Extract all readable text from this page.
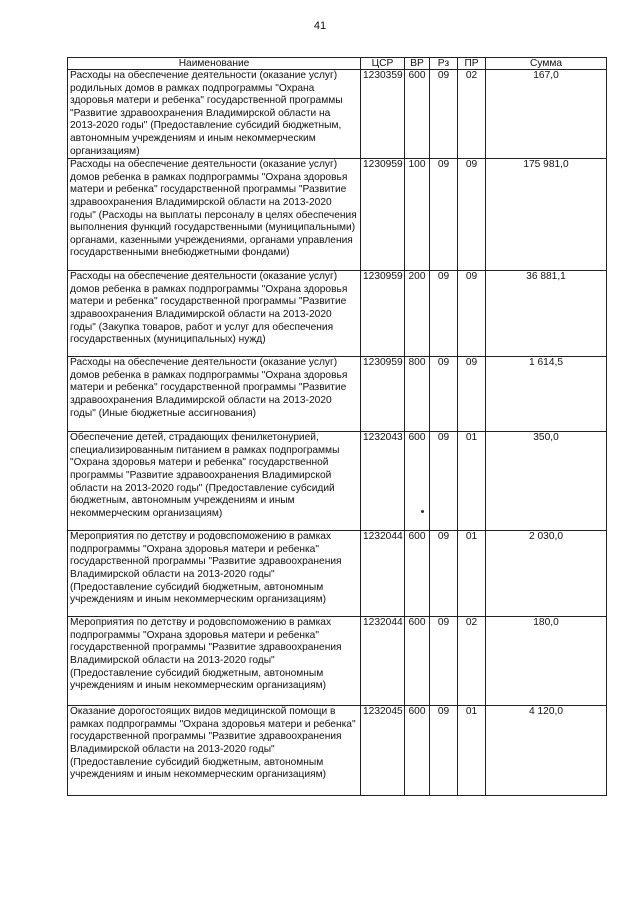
41
Наименование	ЦСР	ВР	Рз	ПР	Сумма
Расходы на обеспечение деятельности (оказание услуг) родильных домов в рамках подпрограммы "Охрана здоровья матери и ребенка" государственной программы "Развитие здравоохранения Владимирской области на 2013-2020 годы" (Предоставление субсидий бюджетным, автономным учреждениям и иным некоммерческим организациям)	1230359	600	09	02	167,0
Расходы на обеспечение деятельности (оказание услуг) домов ребенка в рамках подпрограммы "Охрана здоровья матери и ребенка" государственной программы "Развитие здравоохранения Владимирской области на 2013-2020 годы" (Расходы на выплаты персоналу в целях обеспечения выполнения функций государственными (муниципальными) органами, казенными учреждениями, органами управления государственными внебюджетными фондами)	1230959	100	09	09	175 981,0
Расходы на обеспечение деятельности (оказание услуг) домов ребенка в рамках подпрограммы "Охрана здоровья матери и ребенка" государственной программы "Развитие здравоохранения Владимирской области на 2013-2020 годы" (Закупка товаров, работ и услуг для обеспечения государственных (муниципальных) нужд)	1230959	200	09	09	36 881,1
Расходы на обеспечение деятельности (оказание услуг) домов ребенка в рамках подпрограммы "Охрана здоровья матери и ребенка" государственной программы "Развитие здравоохранения Владимирской области на 2013-2020 годы" (Иные бюджетные ассигнования)	1230959	800	09	09	1 614,5
Обеспечение детей, страдающих фенилкетонурией, специализированным питанием в рамках подпрограммы "Охрана здоровья матери и ребенка" государственной программы "Развитие здравоохранения Владимирской области на 2013-2020 годы" (Предоставление субсидий бюджетным, автономным учреждениям и иным некоммерческим организациям)	1232043	600	09	01	350,0
Мероприятия по детству и родовспоможению в рамках подпрограммы "Охрана здоровья матери и ребенка" государственной программы "Развитие здравоохранения Владимирской области на 2013-2020 годы" (Предоставление субсидий бюджетным, автономным учреждениям и иным некоммерческим организациям)	1232044	600	09	01	2 030,0
Мероприятия по детству и родовспоможению в рамках подпрограммы "Охрана здоровья матери и ребенка" государственной программы "Развитие здравоохранения Владимирской области на 2013-2020 годы" (Предоставление субсидий бюджетным, автономным учреждениям и иным некоммерческим организациям)	1232044	600	09	02	180,0
Оказание дорогостоящих видов медицинской помощи в рамках подпрограммы "Охрана здоровья матери и ребенка" государственной программы "Развитие здравоохранения Владимирской области на 2013-2020 годы" (Предоставление субсидий бюджетным, автономным учреждениям и иным некоммерческим организациям)	1232045	600	09	01	4 120,0
